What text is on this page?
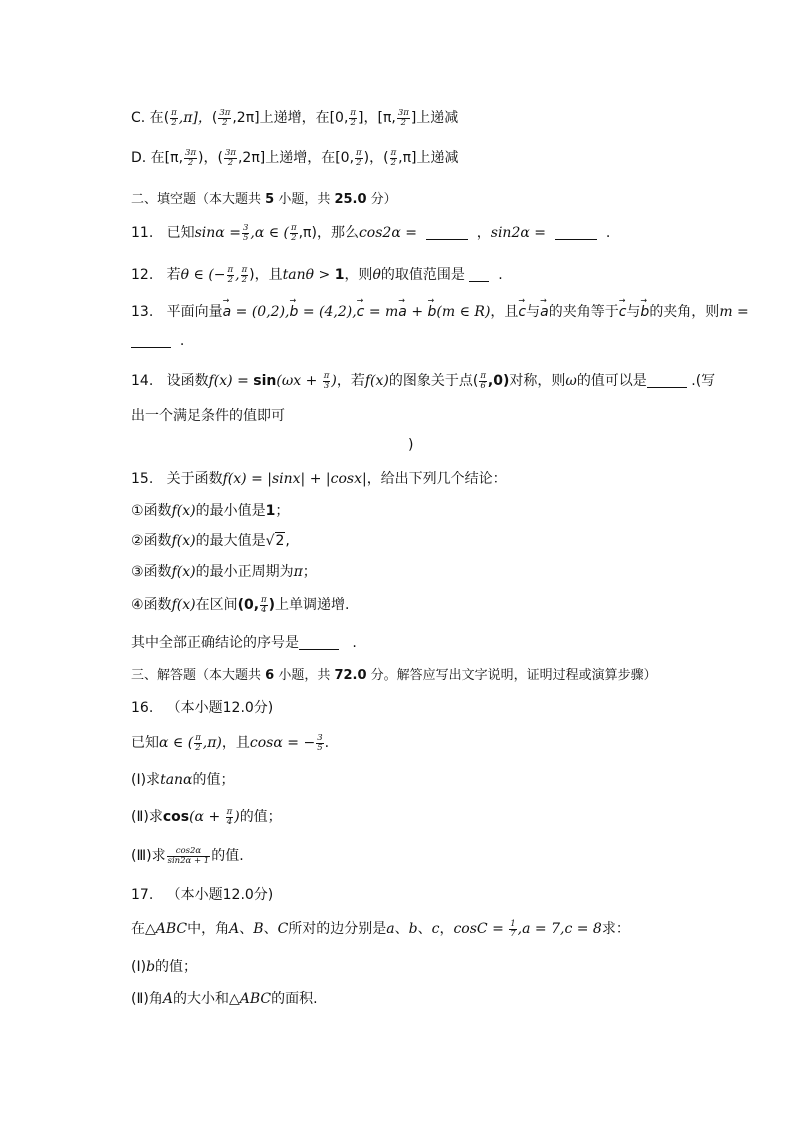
C. 在( $\frac{\pi}{2} ,\pi$]，( $\frac{3\pi}{2} ,2\pi$]上递增，在[0, $\frac{\pi}{2}$ ]，[π, $\frac{3\pi}{2}$ ]上递减
D. 在[π, $\frac{3\pi}{2}$ )，( $\frac{3\pi}{2} ,2\pi$]上递增，在[0, $\frac{\pi}{2}$ )，( $\frac{\pi}{2} ,\pi$]上递减
二、填空题（本大题共 5 小题，共 25.0 分）
11. 已知$\sin\alpha = \frac{3}{5} ,\alpha$ ∈ ( $\frac{\pi}{2} ,\pi$)，那么cos2α =	，sin2α =	.
12. 若θ ∈ (− $\frac{\pi}{2}$ , $\frac{\pi}{2}$ )，且tanθ > 1，则θ的取值范围是 .
13. 平面向量→ a = (0,2),→ b = (4,2),→ c = m→ a + → b(m ∈ R)，且→ c与→ a的夹角等于→ c与→ b的夹角，则m =
.
14. 设函数$f(x) = \sin(\omega x + \frac{\pi}{3}$ )，若f(x)的图象关于点( $\frac{\pi}{6} ,0$)对称，则ω的值可以是	.(写
出一个满足条件的值即可
)
15. 关于函数f(x) = |sinx| + |cosx|，给出下列几个结论：
①函数f(x)的最小值是1；
②函数f(x)的最大值是√2,
③函数f(x)的最小正周期为π；
④函数f(x)在区间(0, $\frac{\pi}{4}$ )上单调递增.
其中全部正确结论的序号是	.
三、解答题（本大题共 6 小题，共 72.0 分。解答应写出文字说明，证明过程或演算步骤）
16. （本小题12.0分)
已知α ∈ ( $\frac{\pi}{2} ,\pi$)，且cosα = − $\frac{3}{5}$ .
(Ⅰ)求tanα的值；
(Ⅱ)求$\cos(\alpha + \frac{\pi}{4}$ )的值；
(Ⅲ)求 $\frac{\cos 2\alpha}{\sin 2\alpha + 1}$ 的值.
17. （本小题12.0分)
在△ABC中，角A、B、C所对的边分别是a、b、c，$\cos C = \frac{1}{7} ,a = 7,c = 8$求：
(Ⅰ)b的值；
(Ⅱ)角A的大小和△ABC的面积.
